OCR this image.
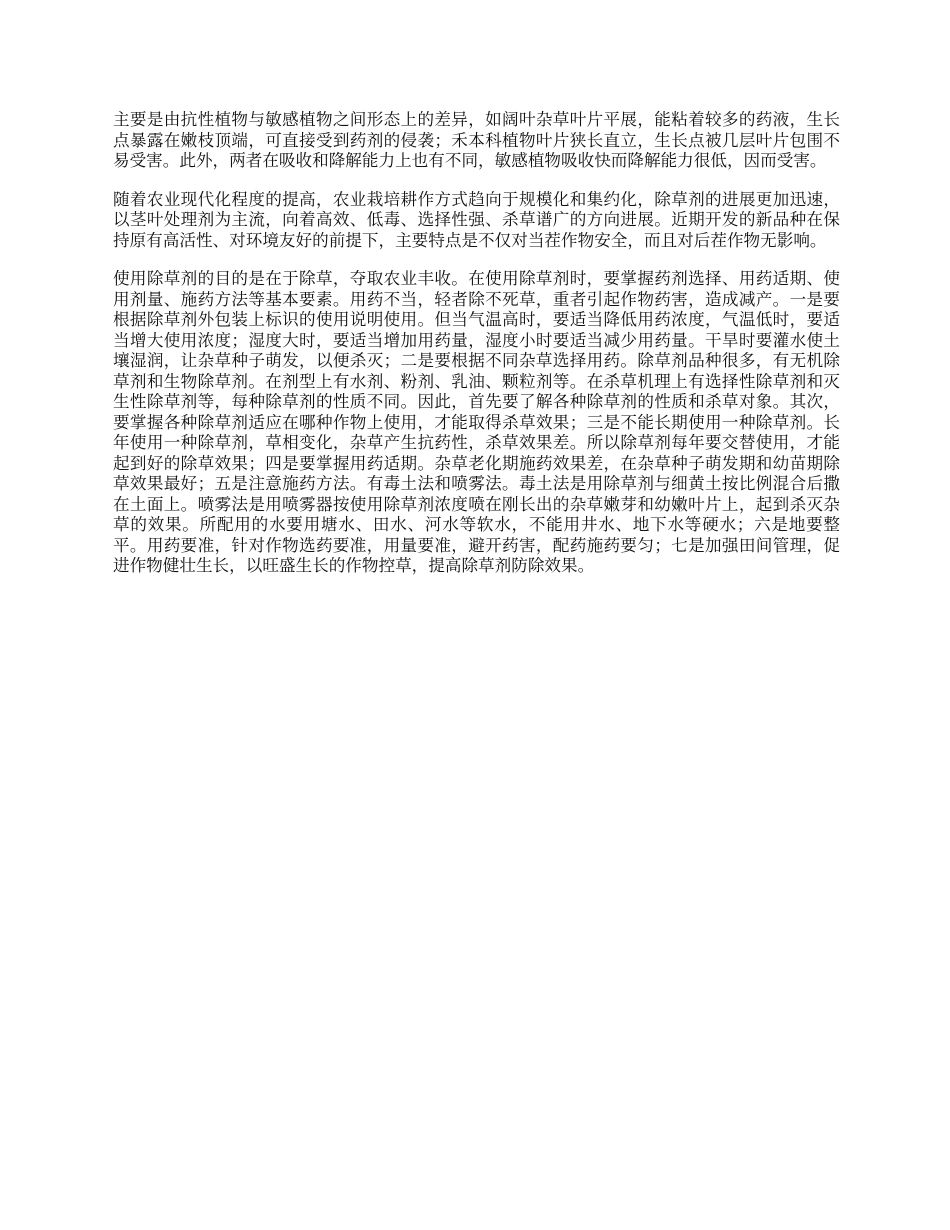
主要是由抗性植物与敏感植物之间形态上的差异，如阔叶杂草叶片平展，能粘着较多的药液，生长点暴露在嫩枝顶端，可直接受到药剂的侵袭；禾本科植物叶片狭长直立，生长点被几层叶片包围不易受害。此外，两者在吸收和降解能力上也有不同，敏感植物吸收快而降解能力很低，因而受害。

随着农业现代化程度的提高，农业栽培耕作方式趋向于规模化和集约化，除草剂的进展更加迅速，以茎叶处理剂为主流，向着高效、低毒、选择性强、杀草谱广的方向进展。近期开发的新品种在保持原有高活性、对环境友好的前提下，主要特点是不仅对当茬作物安全，而且对后茬作物无影响。

使用除草剂的目的是在于除草，夺取农业丰收。在使用除草剂时，要掌握药剂选择、用药适期、使用剂量、施药方法等基本要素。用药不当，轻者除不死草，重者引起作物药害，造成减产。一是要根据除草剂外包装上标识的使用说明使用。但当气温高时，要适当降低用药浓度，气温低时，要适当增大使用浓度；湿度大时，要适当增加用药量，湿度小时要适当减少用药量。干旱时要灌水使土壤湿润，让杂草种子萌发，以便杀灭；二是要根据不同杂草选择用药。除草剂品种很多，有无机除草剂和生物除草剂。在剂型上有水剂、粉剂、乳油、颗粒剂等。在杀草机理上有选择性除草剂和灭生性除草剂等，每种除草剂的性质不同。因此，首先要了解各种除草剂的性质和杀草对象。其次，要掌握各种除草剂适应在哪种作物上使用，才能取得杀草效果；三是不能长期使用一种除草剂。长年使用一种除草剂，草相变化，杂草产生抗药性，杀草效果差。所以除草剂每年要交替使用，才能起到好的除草效果；四是要掌握用药适期。杂草老化期施药效果差，在杂草种子萌发期和幼苗期除草效果最好；五是注意施药方法。有毒土法和喷雾法。毒土法是用除草剂与细黄土按比例混合后撒在土面上。喷雾法是用喷雾器按使用除草剂浓度喷在刚长出的杂草嫩芽和幼嫩叶片上，起到杀灭杂草的效果。所配用的水要用塘水、田水、河水等软水，不能用井水、地下水等硬水；六是地要整平。用药要准，针对作物选药要准，用量要准，避开药害，配药施药要匀；七是加强田间管理，促进作物健壮生长，以旺盛生长的作物控草，提高除草剂防除效果。
